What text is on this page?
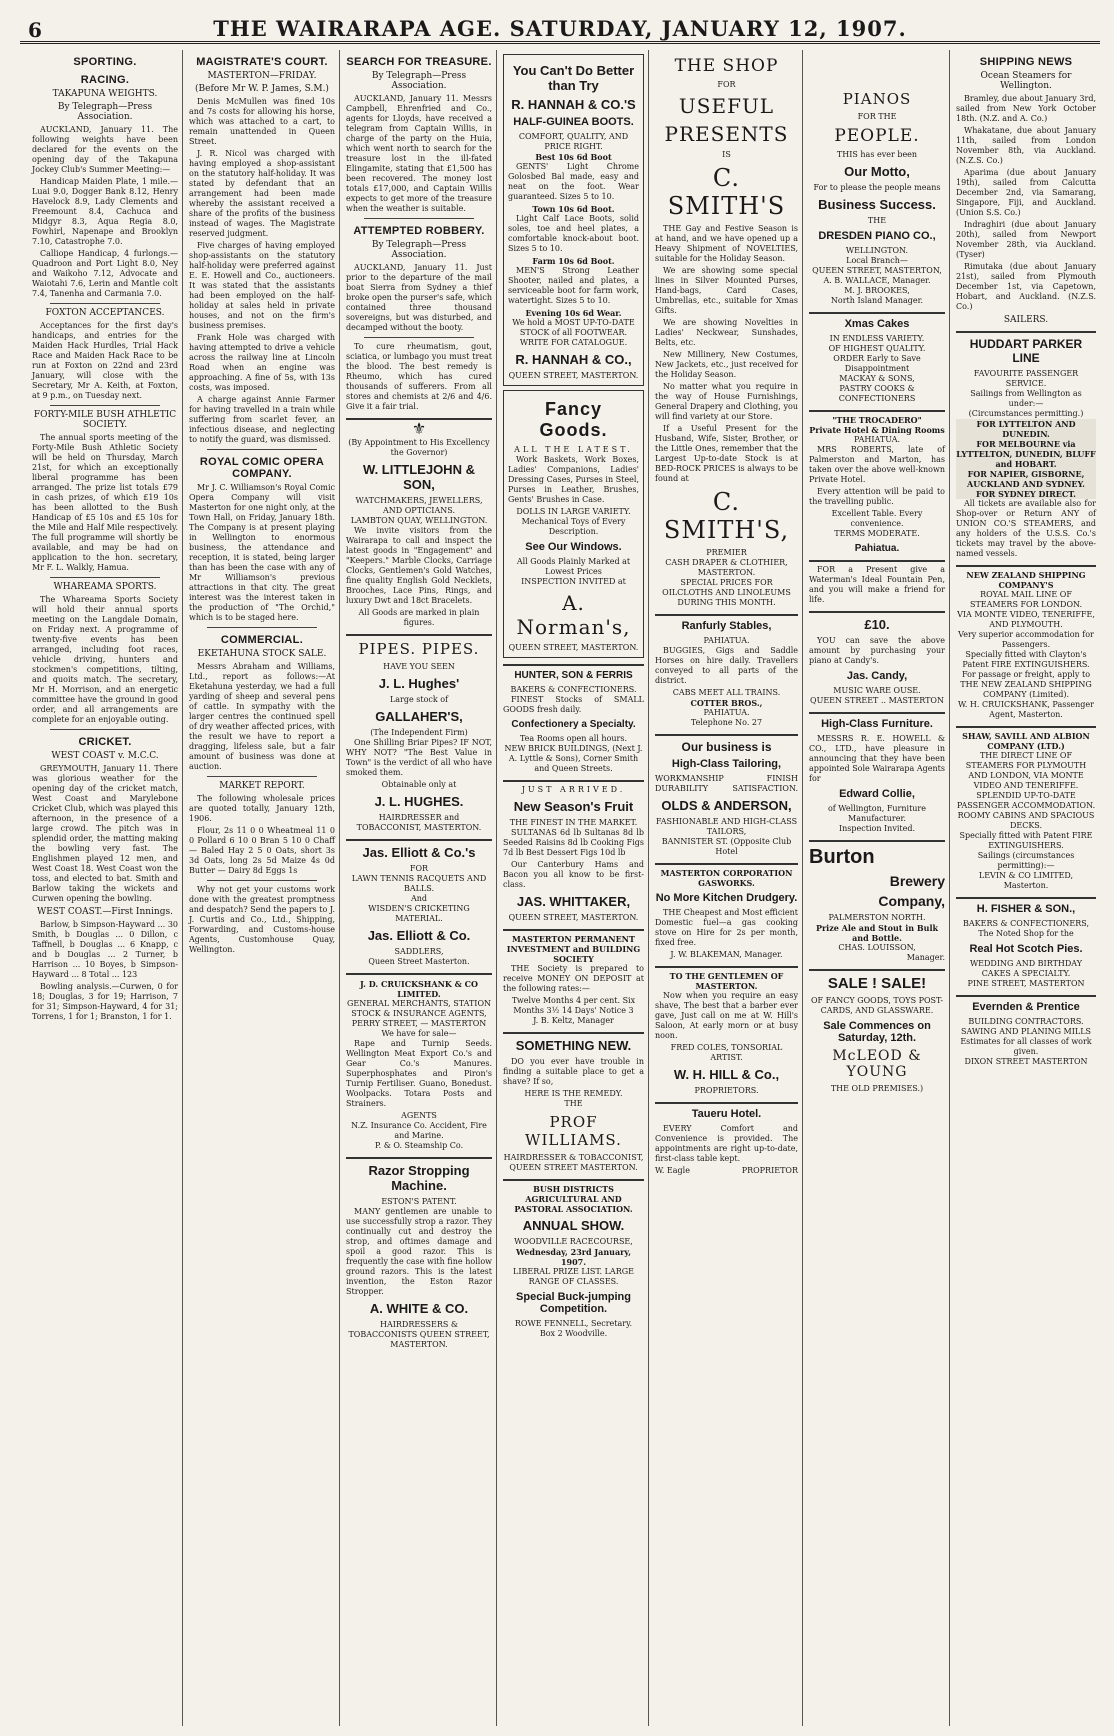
6	THE WAIRARAPA AGE. SATURDAY, JANUARY 12, 1907.
SPORTING.
RACING.
TAKAPUNA WEIGHTS.
By Telegraph—Press Association.
AUCKLAND, January 11. The following weights have been declared for the events on the opening day of the Takapuna Jockey Club's Summer Meeting:—
Handicap Maiden Plate, 1 mile.—Luai 9.0, Dogger Bank 8.12, Henry Havelock 8.9, Lady Clements and Freemount 8.4, Cachuca and Midgyr 8.3, Aqua Regia 8.0, Fowhirl, Napenape and Brooklyn 7.10, Catastrophe 7.0.
Calliope Handicap, 4 furlongs.—Quadroon and Port Light 8.0, Ney and Waikoho 7.12, Advocate and Waiotahi 7.6, Lerin and Mantle colt 7.4, Tanenha and Carmania 7.0.
FOXTON ACCEPTANCES.
Acceptances for the first day's handicaps, and entries for the Maiden Hack Hurdles, Trial Hack Race and Maiden Hack Race to be run at Foxton on 22nd and 23rd January, will close with the Secretary, Mr A. Keith, at Foxton, at 9 p.m., on Tuesday next.
FORTY-MILE BUSH ATHLETIC SOCIETY.
The annual sports meeting of the Forty-Mile Bush Athletic Society will be held on Thursday, March 21st, for which an exceptionally liberal programme has been arranged. The prize list totals £79 in cash prizes, of which £19 10s has been allotted to the Bush Handicap of £5 10s and £5 10s for the Mile and Half Mile respectively. The full programme will shortly be available, and may be had on application to the hon. secretary, Mr F. L. Walkly, Hamua.
WHAREAMA SPORTS.
The Whareama Sports Society will hold their annual sports meeting on the Langdale Domain, on Friday next. A programme of twenty-five events has been arranged, including foot races, vehicle driving, hunters and stockmen's competitions, tilting, and quoits match. The secretary, Mr H. Morrison, and an energetic committee have the ground in good order, and all arrangements are complete for an enjoyable outing.
CRICKET.
WEST COAST v. M.C.C.
GREYMOUTH, January 11. There was glorious weather for the opening day of the cricket match, West Coast and Marylebone Cricket Club, which was played this afternoon, in the presence of a large crowd. The pitch was in splendid order, the matting making the bowling very fast. The Englishmen played 12 men, and West Coast 18. West Coast won the toss, and elected to bat. Smith and Barlow taking the wickets and Curwen opening the bowling.
WEST COAST.—First Innings.
Barlow, b Simpson-Hayward ... 30 Smith, b Douglas ... 0 Dillon, c Taffnell, b Douglas ... 6 Knapp, c and b Douglas ... 2 Turner, b Harrison ... 10 Boyes, b Simpson-Hayward ... 8 Total ... 123
Bowling analysis.—Curwen, 0 for 18; Douglas, 3 for 19; Harrison, 7 for 31; Simpson-Hayward, 4 for 31; Torrens, 1 for 1; Branston, 1 for 1.
MAGISTRATE'S COURT.
MASTERTON—FRIDAY.
(Before Mr W. P. James, S.M.)
Denis McMullen was fined 10s and 7s costs for allowing his horse, which was attached to a cart, to remain unattended in Queen Street.
J. R. Nicol was charged with having employed a shop-assistant on the statutory half-holiday. It was stated by defendant that an arrangement had been made whereby the assistant received a share of the profits of the business instead of wages. The Magistrate reserved judgment.
Five charges of having employed shop-assistants on the statutory half-holiday were preferred against E. E. Howell and Co., auctioneers. It was stated that the assistants had been employed on the half-holiday at sales held in private houses, and not on the firm's business premises.
Frank Hole was charged with having attempted to drive a vehicle across the railway line at Lincoln Road when an engine was approaching. A fine of 5s, with 13s costs, was imposed.
A charge against Annie Farmer for having travelled in a train while suffering from scarlet fever, an infectious disease, and neglecting to notify the guard, was dismissed.
ROYAL COMIC OPERA COMPANY.
Mr J. C. Williamson's Royal Comic Opera Company will visit Masterton for one night only, at the Town Hall, on Friday, January 18th. The Company is at present playing in Wellington to enormous business, the attendance and reception, it is stated, being larger than has been the case with any of Mr Williamson's previous attractions in that city. The great interest was the interest taken in the production of "The Orchid," which is to be staged here.
COMMERCIAL.
EKETAHUNA STOCK SALE.
Messrs Abraham and Williams, Ltd., report as follows:—At Eketahuna yesterday, we had a full yarding of sheep and several pens of cattle. In sympathy with the larger centres the continued spell of dry weather affected prices, with the result we have to report a dragging, lifeless sale, but a fair amount of business was done at auction.
MARKET REPORT.
The following wholesale prices are quoted totally, January 12th, 1906.
Flour, 2s 11 0 0 Wheatmeal 11 0 0 Pollard 6 10 0 Bran 5 10 0 Chaff — Baled Hay 2 5 0 Oats, short 3s 3d Oats, long 2s 5d Maize 4s 0d Butter — Dairy 8d Eggs 1s
Why not get your customs work done with the greatest promptness and despatch? Send the papers to J. J. Curtis and Co., Ltd., Shipping, Forwarding, and Customs-house Agents, Customhouse Quay, Wellington.
SEARCH FOR TREASURE.
By Telegraph—Press Association.
AUCKLAND, January 11. Messrs Campbell, Ehrenfried and Co., agents for Lloyds, have received a telegram from Captain Willis, in charge of the party on the Huia, which went north to search for the treasure lost in the ill-fated Elingamite, stating that £1,500 has been recovered. The money lost totals £17,000, and Captain Willis expects to get more of the treasure when the weather is suitable.
ATTEMPTED ROBBERY.
By Telegraph—Press Association.
AUCKLAND, January 11. Just prior to the departure of the mail boat Sierra from Sydney a thief broke open the purser's safe, which contained three thousand sovereigns, but was disturbed, and decamped without the booty.
To cure rheumatism, gout, sciatica, or lumbago you must treat the blood. The best remedy is Rheumo, which has cured thousands of sufferers. From all stores and chemists at 2/6 and 4/6. Give it a fair trial.
⚜
(By Appointment to His Excellency the Governor)
W. LITTLEJOHN & SON,
WATCHMAKERS, JEWELLERS, AND OPTICIANS.
LAMBTON QUAY, WELLINGTON.
We invite visitors from the Wairarapa to call and inspect the latest goods in "Engagement" and "Keepers." Marble Clocks, Carriage Clocks, Gentlemen's Gold Watches, fine quality English Gold Necklets, Brooches, Lace Pins, Rings, and luxury Dwt and 18ct Bracelets.
All Goods are marked in plain figures.
PIPES. PIPES.
HAVE YOU SEEN
J. L. Hughes'
Large stock of
GALLAHER'S,
(The Independent Firm)
One Shilling Briar Pipes? IF NOT, WHY NOT? "The Best Value in Town" is the verdict of all who have smoked them.
Obtainable only at
J. L. HUGHES.
HAIRDRESSER and TOBACCONIST, MASTERTON.
Jas. Elliott & Co.'s
FOR
LAWN TENNIS RACQUETS AND BALLS.
And
WISDEN'S CRICKETING MATERIAL.
Jas. Elliott & Co.
SADDLERS,
Queen Street Masterton.
J. D. CRUICKSHANK & CO LIMITED.
GENERAL MERCHANTS, STATION STOCK & INSURANCE AGENTS,
PERRY STREET, — MASTERTON
We have for sale—
Rape and Turnip Seeds. Wellington Meat Export Co.'s and Gear Co.'s Manures. Superphosphates and Piron's Turnip Fertiliser. Guano, Bonedust. Woolpacks. Totara Posts and Strainers.
AGENTS
N.Z. Insurance Co. Accident, Fire and Marine.
P. & O. Steamship Co.
Razor Stropping Machine.
ESTON'S PATENT.
MANY gentlemen are unable to use successfully strop a razor. They continually cut and destroy the strop, and oftimes damage and spoil a good razor. This is frequently the case with fine hollow ground razors. This is the latest invention, the Eston Razor Stropper.
A. WHITE & CO.
HAIRDRESSERS & TOBACCONISTS QUEEN STREET, MASTERTON.
You Can't Do Better than Try
R. HANNAH & CO.'S
HALF-GUINEA BOOTS.
COMFORT, QUALITY, AND PRICE RIGHT.
Best 10s 6d Boot
GENTS' Light Chrome Golosbed Bal made, easy and neat on the foot. Wear guaranteed. Sizes 5 to 10.
Town 10s 6d Boot.
Light Calf Lace Boots, solid soles, toe and heel plates, a comfortable knock-about boot. Sizes 5 to 10.
Farm 10s 6d Boot.
MEN'S Strong Leather Shooter, nailed and plates, a serviceable boot for farm work, watertight. Sizes 5 to 10.
Evening 10s 6d Wear.
We hold a MOST UP-TO-DATE STOCK of all FOOTWEAR.
WRITE FOR CATALOGUE.
R. HANNAH & CO.,
QUEEN STREET, MASTERTON.
Fancy Goods.
ALL THE LATEST.
Work Baskets, Work Boxes, Ladies' Companions, Ladies' Dressing Cases, Purses in Steel, Purses in Leather, Brushes, Gents' Brushes in Case.
DOLLS IN LARGE VARIETY.
Mechanical Toys of Every Description.
See Our Windows.
All Goods Plainly Marked at Lowest Prices
INSPECTION INVITED at
A. Norman's,
QUEEN STREET, MASTERTON.
HUNTER, SON & FERRIS
BAKERS & CONFECTIONERS.
FINEST Stocks of SMALL GOODS fresh daily.
Confectionery a Specialty.
Tea Rooms open all hours.
NEW BRICK BUILDINGS, (Next J. A. Lyttle & Sons), Corner Smith and Queen Streets.
JUST ARRIVED.
New Season's Fruit
THE FINEST IN THE MARKET.
SULTANAS 6d lb Sultanas 8d lb Seeded Raisins 8d lb Cooking Figs 7d lb Best Dessert Figs 10d lb
Our Canterbury Hams and Bacon you all know to be first-class.
JAS. WHITTAKER,
QUEEN STREET, MASTERTON.
MASTERTON PERMANENT INVESTMENT and BUILDING SOCIETY
THE Society is prepared to receive MONEY ON DEPOSIT at the following rates:—
Twelve Months 4 per cent. Six Months 3½ 14 Days' Notice 3
J. B. Keltz, Manager
SOMETHING NEW.
DO you ever have trouble in finding a suitable place to get a shave? If so,
HERE IS THE REMEDY.
THE
PROF WILLIAMS.
HAIRDRESSER & TOBACCONIST,
QUEEN STREET MASTERTON.
BUSH DISTRICTS AGRICULTURAL AND PASTORAL ASSOCIATION.
ANNUAL SHOW.
WOODVILLE RACECOURSE,
Wednesday, 23rd January, 1907.
LIBERAL PRIZE LIST. LARGE RANGE OF CLASSES.
Special Buck-jumping Competition.
ROWE FENNELL, Secretary.
Box 2 Woodville.
THE SHOP
FOR
USEFUL
PRESENTS
IS
C. SMITH'S
THE Gay and Festive Season is at hand, and we have opened up a Heavy Shipment of NOVELTIES, suitable for the Holiday Season.
We are showing some special lines in Silver Mounted Purses, Hand-bags, Card Cases, Umbrellas, etc., suitable for Xmas Gifts.
We are showing Novelties in Ladies' Neckwear, Sunshades, Belts, etc.
New Millinery, New Costumes, New Jackets, etc., just received for the Holiday Season.
No matter what you require in the way of House Furnishings, General Drapery and Clothing, you will find variety at our Store.
If a Useful Present for the Husband, Wife, Sister, Brother, or the Little Ones, remember that the Largest Up-to-date Stock is at BED-ROCK PRICES is always to be found at
C. SMITH'S,
PREMIER
CASH DRAPER & CLOTHIER,
MASTERTON.
SPECIAL PRICES FOR
OILCLOTHS AND LINOLEUMS
DURING THIS MONTH.
Ranfurly Stables,
PAHIATUA.
BUGGIES, Gigs and Saddle Horses on hire daily. Travellers conveyed to all parts of the district.
CABS MEET ALL TRAINS.
COTTER BROS.,
PAHIATUA.
Telephone No. 27
Our business is
High-Class Tailoring,
WORKMANSHIP	FINISH
DURABILITY	SATISFACTION.
OLDS & ANDERSON,
FASHIONABLE AND HIGH-CLASS TAILORS,
BANNISTER ST. (Opposite Club Hotel
MASTERTON CORPORATION GASWORKS.
No More Kitchen Drudgery.
THE Cheapest and Most efficient Domestic fuel—a gas cooking stove on Hire for 2s per month, fixed free.
J. W. BLAKEMAN, Manager.
TO THE GENTLEMEN OF MASTERTON.
Now when you require an easy shave, The best that a barber ever gave, Just call on me at W. Hill's Saloon, At early morn or at busy noon.
FRED COLES, TONSORIAL ARTIST.
W. H. HILL & Co.,
PROPRIETORS.
Taueru Hotel.
EVERY Comfort and Convenience is provided. The appointments are right up-to-date, first-class table kept.
W. Eagle	PROPRIETOR
PIANOS
FOR THE
PEOPLE.
THIS has ever been
Our Motto,
For to please the people means
Business Success.
THE
DRESDEN PIANO CO.,
WELLINGTON.
Local Branch—
QUEEN STREET, MASTERTON,
A. B. WALLACE, Manager.
M. J. BROOKES,
North Island Manager.
Xmas Cakes
IN ENDLESS VARIETY.
OF HIGHEST QUALITY.
ORDER Early to Save Disappointment
MACKAY & SONS,
PASTRY COOKS & CONFECTIONERS
"THE TROCADERO"
Private Hotel & Dining Rooms
PAHIATUA.
MRS ROBERTS, late of Palmerston and Marton, has taken over the above well-known Private Hotel.
Every attention will be paid to the travelling public.
Excellent Table. Every convenience.
TERMS MODERATE.
Pahiatua.
FOR a Present give a Waterman's Ideal Fountain Pen, and you will make a friend for life.
£10.
YOU can save the above amount by purchasing your piano at Candy's.
Jas. Candy,
MUSIC WARE OUSE.
QUEEN STREET .. MASTERTON
High-Class Furniture.
MESSRS R. E. HOWELL & CO., LTD., have pleasure in announcing that they have been appointed Sole Wairarapa Agents for
Edward Collie,
of Wellington, Furniture Manufacturer.
Inspection Invited.
Burton
Brewery
Company,
PALMERSTON NORTH.
Prize Ale and Stout in Bulk and Bottle.
CHAS. LOUISSON,
Manager.
SALE ! SALE!
OF FANCY GOODS, TOYS POST-CARDS, AND GLASSWARE.
Sale Commences on Saturday, 12th.
McLEOD & YOUNG
THE OLD PREMISES.)
SHIPPING NEWS
Ocean Steamers for Wellington.
Bramley, due about January 3rd, sailed from New York October 18th. (N.Z. and A. Co.)
Whakatane, due about January 11th, sailed from London November 8th, via Auckland. (N.Z.S. Co.)
Aparima (due about January 19th), sailed from Calcutta December 2nd, via Samarang, Singapore, Fiji, and Auckland. (Union S.S. Co.)
Indraghiri (due about January 20th), sailed from Newport November 28th, via Auckland. (Tyser)
Rimutaka (due about January 21st), sailed from Plymouth December 1st, via Capetown, Hobart, and Auckland. (N.Z.S. Co.)
SAILERS.
HUDDART PARKER LINE
FAVOURITE PASSENGER SERVICE.
Sailings from Wellington as under:—
(Circumstances permitting.)
FOR LYTTELTON AND DUNEDIN.
FOR MELBOURNE via LYTTELTON, DUNEDIN, BLUFF and HOBART.
FOR NAPIER, GISBORNE, AUCKLAND AND SYDNEY.
FOR SYDNEY DIRECT.
All tickets are available also for Shop-over or Return ANY of UNION CO.'S STEAMERS, and any holders of the U.S.S. Co.'s tickets may travel by the above-named vessels.
NEW ZEALAND SHIPPING COMPANY'S
ROYAL MAIL LINE OF STEAMERS FOR LONDON.
VIA MONTE VIDEO, TENERIFFE, AND PLYMOUTH.
Very superior accommodation for Passengers.
Specially fitted with Clayton's Patent FIRE EXTINGUISHERS.
For passage or freight, apply to
THE NEW ZEALAND SHIPPING COMPANY (Limited).
W. H. CRUICKSHANK, Passenger Agent, Masterton.
SHAW, SAVILL AND ALBION COMPANY (LTD.)
THE DIRECT LINE OF STEAMERS FOR PLYMOUTH AND LONDON, VIA MONTE VIDEO AND TENERIFFE.
SPLENDID UP-TO-DATE PASSENGER ACCOMMODATION.
ROOMY CABINS AND SPACIOUS DECKS.
Specially fitted with Patent FIRE EXTINGUISHERS.
Sailings (circumstances permitting):—
LEVIN & CO LIMITED, Masterton.
H. FISHER & SON.,
BAKERS & CONFECTIONERS,
The Noted Shop for the
Real Hot Scotch Pies.
WEDDING AND BIRTHDAY CAKES A SPECIALTY.
PINE STREET, MASTERTON
Evernden & Prentice
BUILDING CONTRACTORS.
SAWING AND PLANING MILLS
Estimates for all classes of work given.
DIXON STREET MASTERTON
